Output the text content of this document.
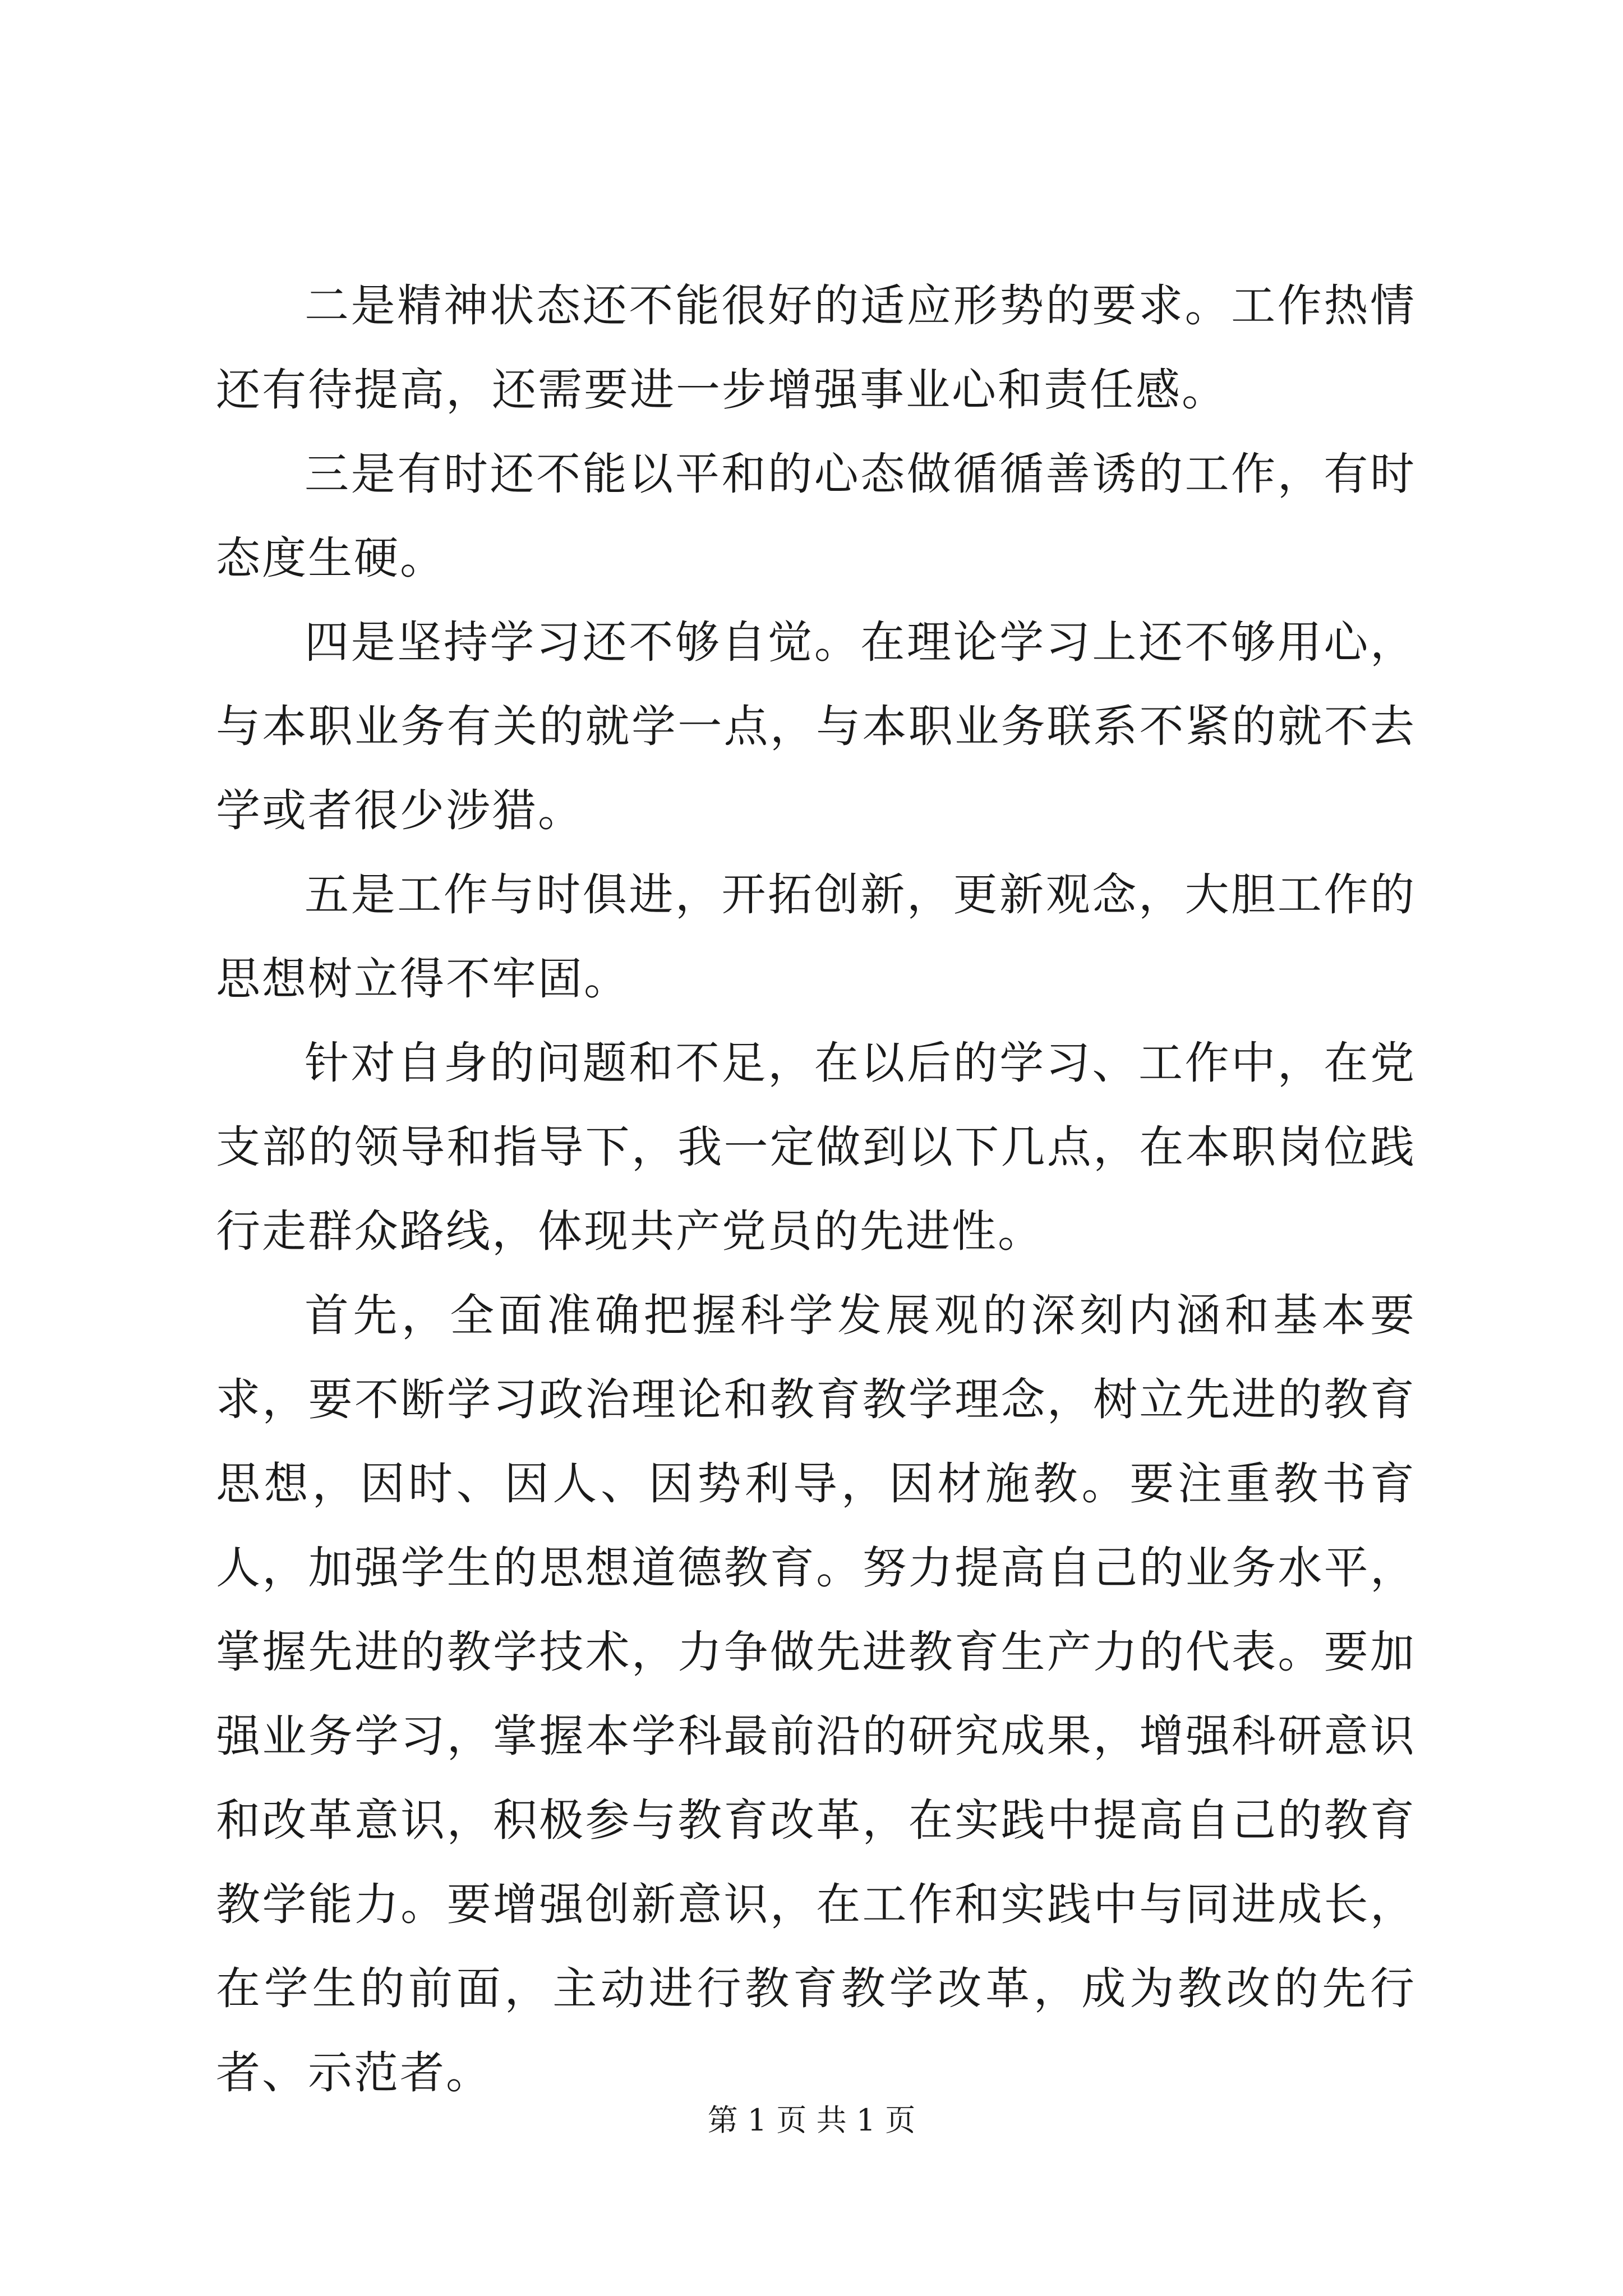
二是精神状态还不能很好的适应形势的要求。工作热情还有待提高，还需要进一步增强事业心和责任感。

三是有时还不能以平和的心态做循循善诱的工作，有时态度生硬。

四是坚持学习还不够自觉。在理论学习上还不够用心，与本职业务有关的就学一点，与本职业务联系不紧的就不去学或者很少涉猎。

五是工作与时俱进，开拓创新，更新观念，大胆工作的思想树立得不牢固。

针对自身的问题和不足，在以后的学习、工作中，在党支部的领导和指导下，我一定做到以下几点，在本职岗位践行走群众路线，体现共产党员的先进性。

首先，全面准确把握科学发展观的深刻内涵和基本要求，要不断学习政治理论和教育教学理念，树立先进的教育思想，因时、因人、因势利导，因材施教。要注重教书育人，加强学生的思想道德教育。努力提高自己的业务水平，掌握先进的教学技术，力争做先进教育生产力的代表。要加强业务学习，掌握本学科最前沿的研究成果，增强科研意识和改革意识，积极参与教育改革，在实践中提高自己的教育教学能力。要增强创新意识，在工作和实践中与同进成长，在学生的前面，主动进行教育教学改革，成为教改的先行者、示范者。

第 1 页 共 1 页
